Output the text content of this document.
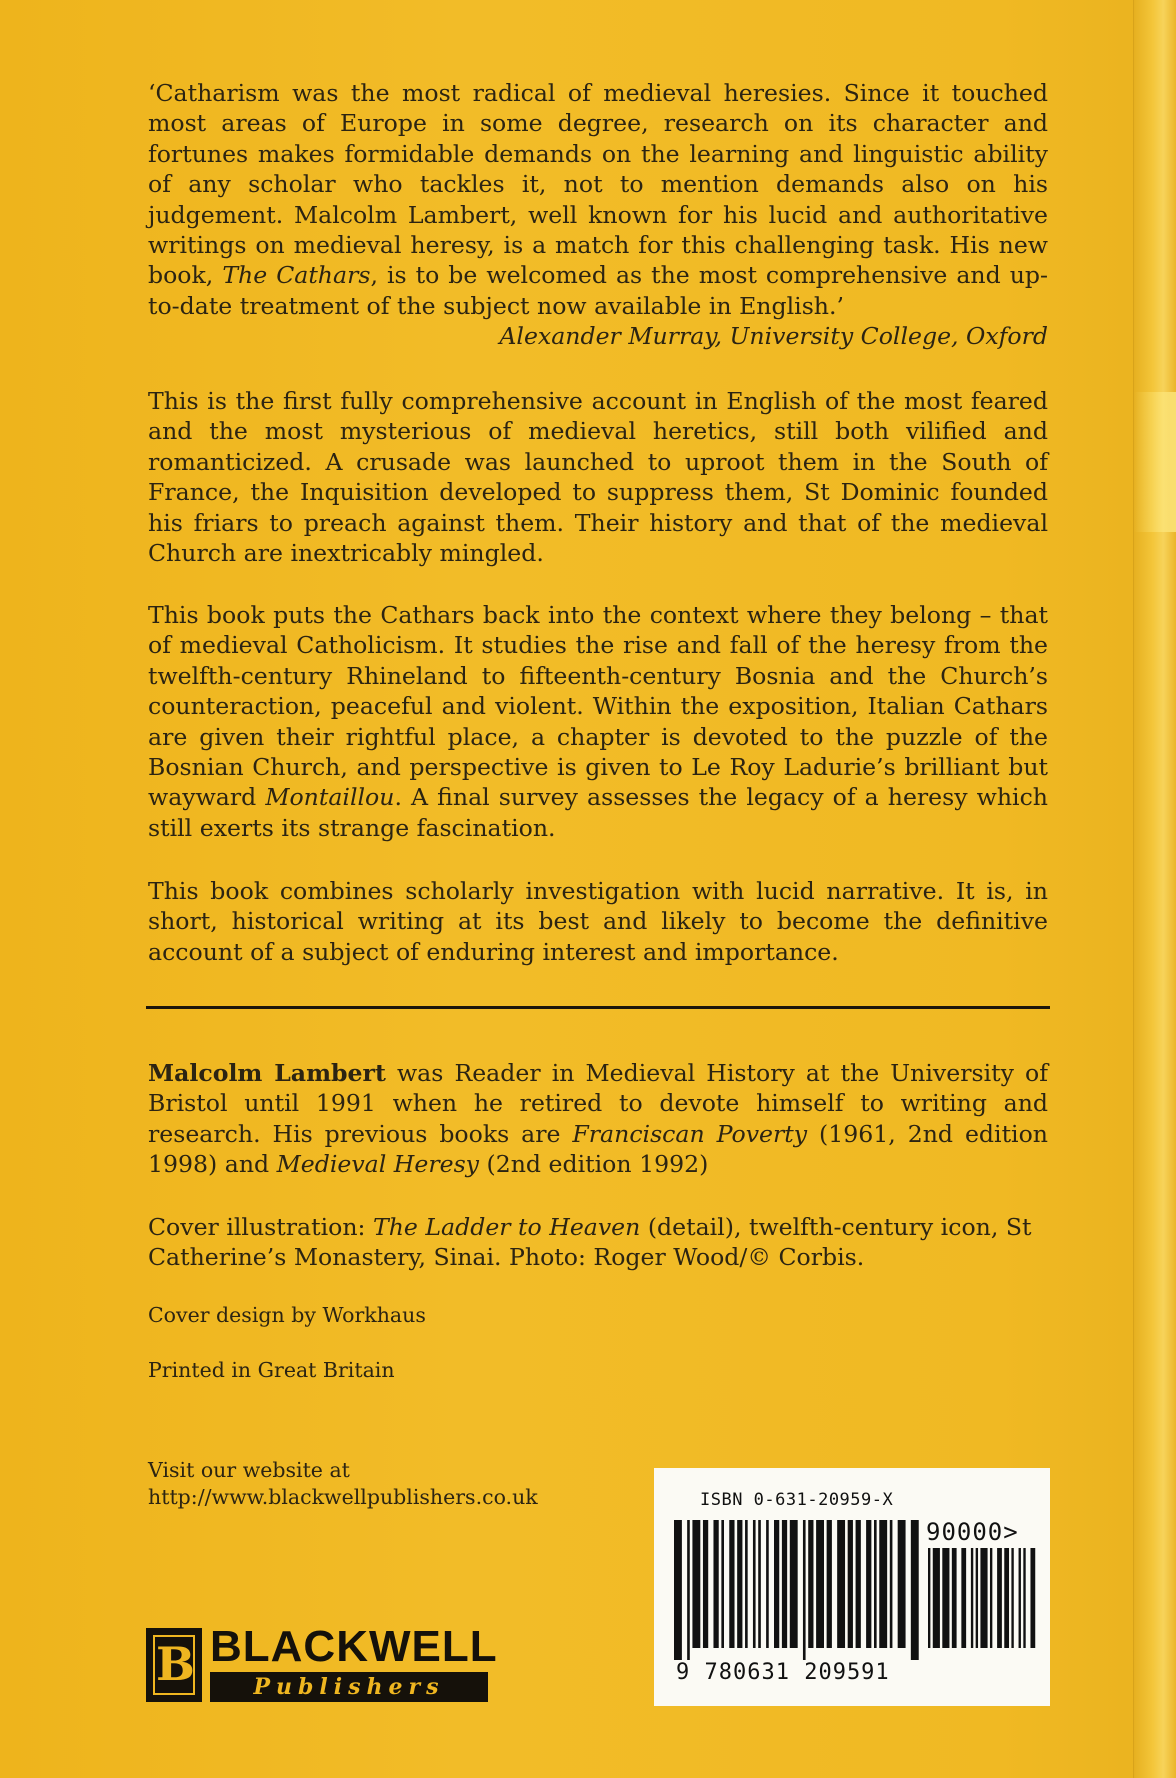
‘Catharism was the most radical of medieval heresies. Since it touched most areas of Europe in some degree, research on its character and fortunes makes formidable demands on the learning and linguistic ability of any scholar who tackles it, not to mention demands also on his judgement. Malcolm Lambert, well known for his lucid and authoritative writings on medieval heresy, is a match for this challenging task. His new book, The Cathars, is to be welcomed as the most comprehensive and up-to-date treatment of the subject now available in English.’

Alexander Murray, University College, Oxford

This is the first fully comprehensive account in English of the most feared and the most mysterious of medieval heretics, still both vilified and romanticized. A crusade was launched to uproot them in the South of France, the Inquisition developed to suppress them, St Dominic founded his friars to preach against them. Their history and that of the medieval Church are inextricably mingled.

This book puts the Cathars back into the context where they belong – that of medieval Catholicism. It studies the rise and fall of the heresy from the twelfth-century Rhineland to fifteenth-century Bosnia and the Church’s counteraction, peaceful and violent. Within the exposition, Italian Cathars are given their rightful place, a chapter is devoted to the puzzle of the Bosnian Church, and perspective is given to Le Roy Ladurie’s brilliant but wayward Montaillou. A final survey assesses the legacy of a heresy which still exerts its strange fascination.

This book combines scholarly investigation with lucid narrative. It is, in short, historical writing at its best and likely to become the definitive account of a subject of enduring interest and importance.

Malcolm Lambert was Reader in Medieval History at the University of Bristol until 1991 when he retired to devote himself to writing and research. His previous books are Franciscan Poverty (1961, 2nd edition 1998) and Medieval Heresy (2nd edition 1992)

Cover illustration: The Ladder to Heaven (detail), twelfth-century icon, St Catherine’s Monastery, Sinai. Photo: Roger Wood/© Corbis.

Cover design by Workhaus
Printed in Great Britain
Visit our website at
http://www.blackwellpublishers.co.uk	ISBN 0-631-20959-X
90000>
9 780631 209591
B BLACKWELL
Publishers
